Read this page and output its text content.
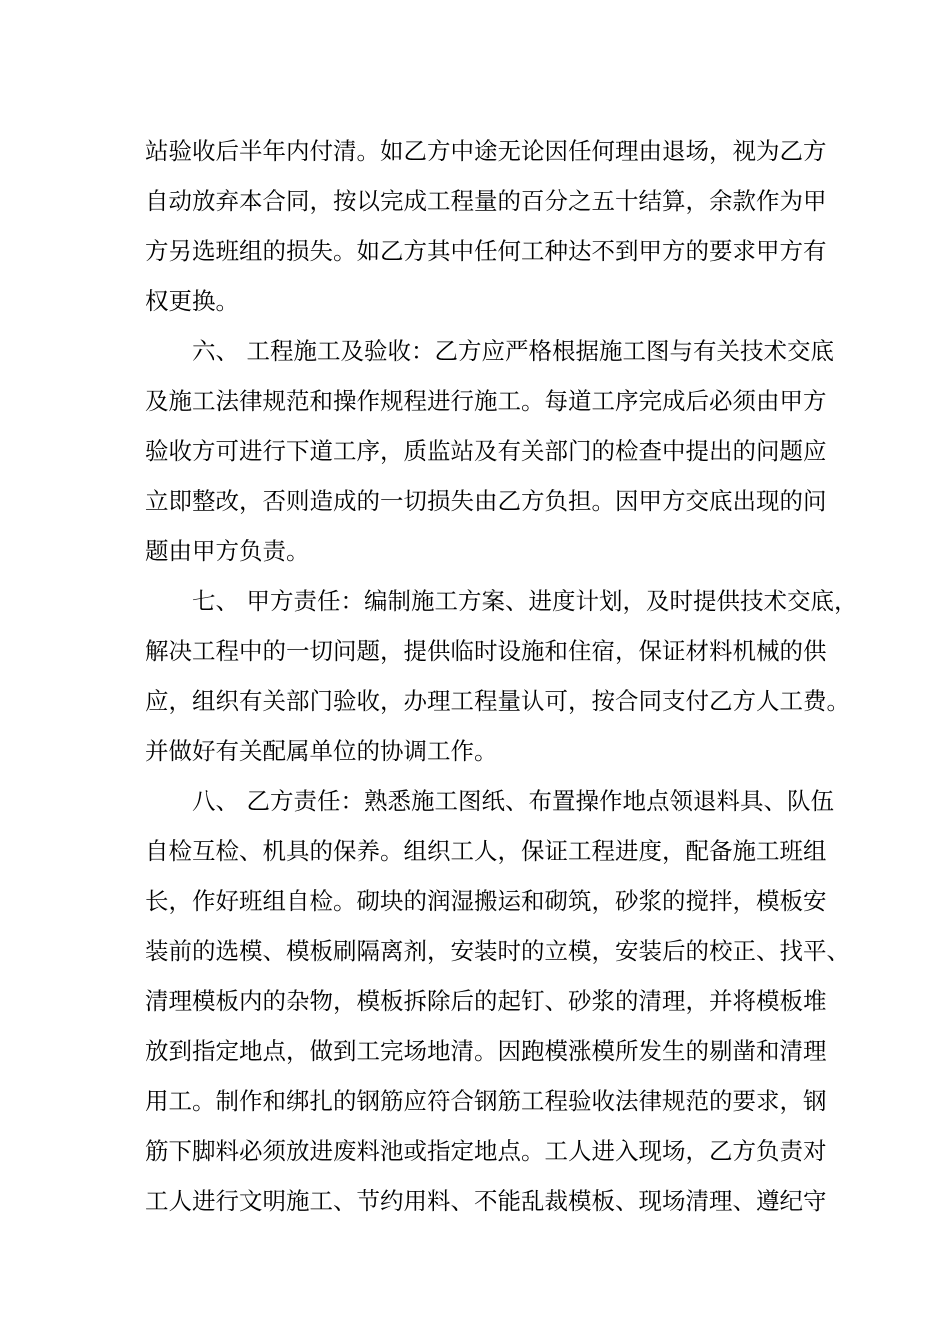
站验收后半年内付清。如乙方中途无论因任何理由退场，视为乙方
自动放弃本合同，按以完成工程量的百分之五十结算，余款作为甲
方另选班组的损失。如乙方其中任何工种达不到甲方的要求甲方有
权更换。
六、 工程施工及验收：乙方应严格根据施工图与有关技术交底
及施工法律规范和操作规程进行施工。每道工序完成后必须由甲方
验收方可进行下道工序，质监站及有关部门的检查中提出的问题应
立即整改，否则造成的一切损失由乙方负担。因甲方交底出现的问
题由甲方负责。
七、 甲方责任：编制施工方案、进度计划，及时提供技术交底，
解决工程中的一切问题，提供临时设施和住宿，保证材料机械的供
应，组织有关部门验收，办理工程量认可，按合同支付乙方人工费。
并做好有关配属单位的协调工作。
八、 乙方责任：熟悉施工图纸、布置操作地点领退料具、队伍
自检互检、机具的保养。组织工人，保证工程进度，配备施工班组
长，作好班组自检。砌块的润湿搬运和砌筑，砂浆的搅拌，模板安
装前的选模、模板刷隔离剂，安装时的立模，安装后的校正、找平、
清理模板内的杂物，模板拆除后的起钉、砂浆的清理，并将模板堆
放到指定地点，做到工完场地清。因跑模涨模所发生的剔凿和清理
用工。制作和绑扎的钢筋应符合钢筋工程验收法律规范的要求，钢
筋下脚料必须放进废料池或指定地点。工人进入现场，乙方负责对
工人进行文明施工、节约用料、不能乱裁模板、现场清理、遵纪守
